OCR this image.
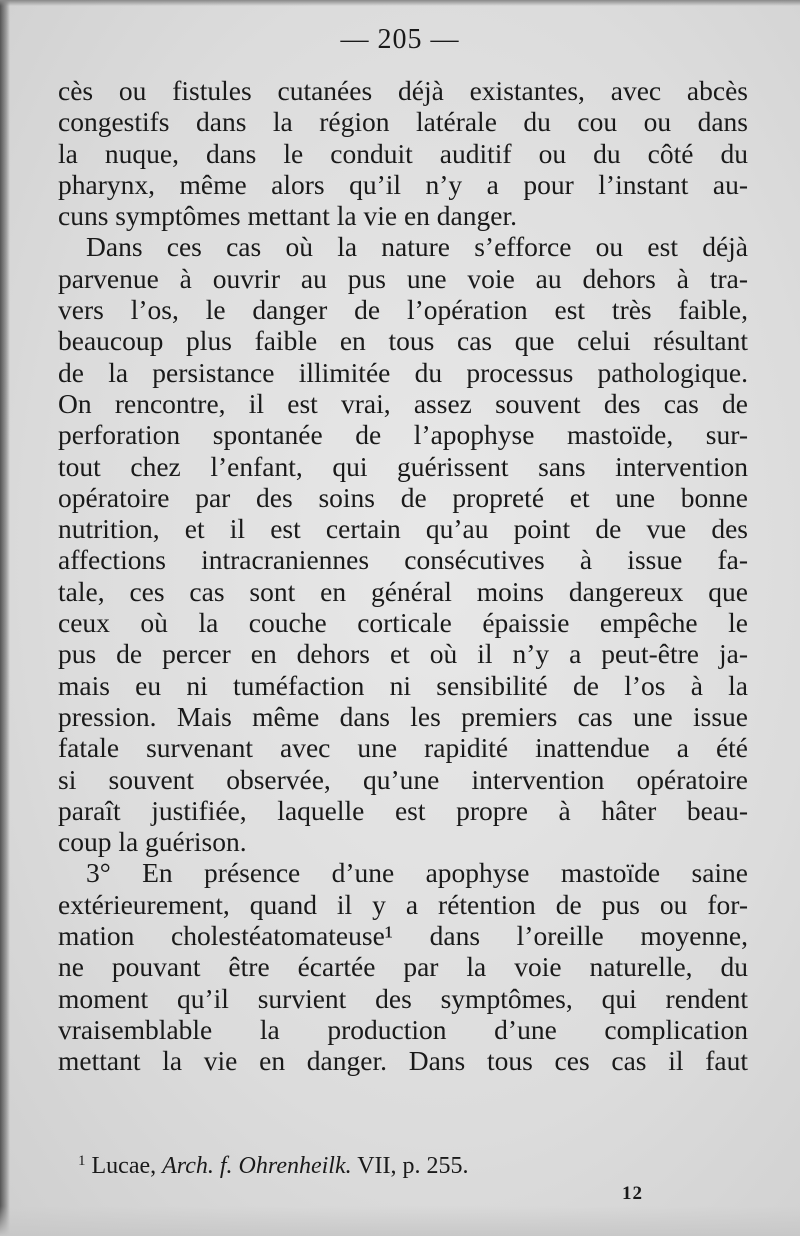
— 205 —
cès ou fistules cutanées déjà existantes, avec abcès
congestifs dans la région latérale du cou ou dans
la nuque, dans le conduit auditif ou du côté du
pharynx, même alors qu’il n’y a pour l’instant au-
cuns symptômes mettant la vie en danger.
Dans ces cas où la nature s’efforce ou est déjà
parvenue à ouvrir au pus une voie au dehors à tra-
vers l’os, le danger de l’opération est très faible,
beaucoup plus faible en tous cas que celui résultant
de la persistance illimitée du processus pathologique.
On rencontre, il est vrai, assez souvent des cas de
perforation spontanée de l’apophyse mastoïde, sur-
tout chez l’enfant, qui guérissent sans intervention
opératoire par des soins de propreté et une bonne
nutrition, et il est certain qu’au point de vue des
affections intracraniennes consécutives à issue fa-
tale, ces cas sont en général moins dangereux que
ceux où la couche corticale épaissie empêche le
pus de percer en dehors et où il n’y a peut-être ja-
mais eu ni tuméfaction ni sensibilité de l’os à la
pression. Mais même dans les premiers cas une issue
fatale survenant avec une rapidité inattendue a été
si souvent observée, qu’une intervention opératoire
paraît justifiée, laquelle est propre à hâter beau-
coup la guérison.
3° En présence d’une apophyse mastoïde saine
extérieurement, quand il y a rétention de pus ou for-
mation cholestéatomateuse¹ dans l’oreille moyenne,
ne pouvant être écartée par la voie naturelle, du
moment qu’il survient des symptômes, qui rendent
vraisemblable la production d’une complication
mettant la vie en danger. Dans tous ces cas il faut
$^1$ Lucae, Arch. f. Ohrenheilk. VII, p. 255.
12
